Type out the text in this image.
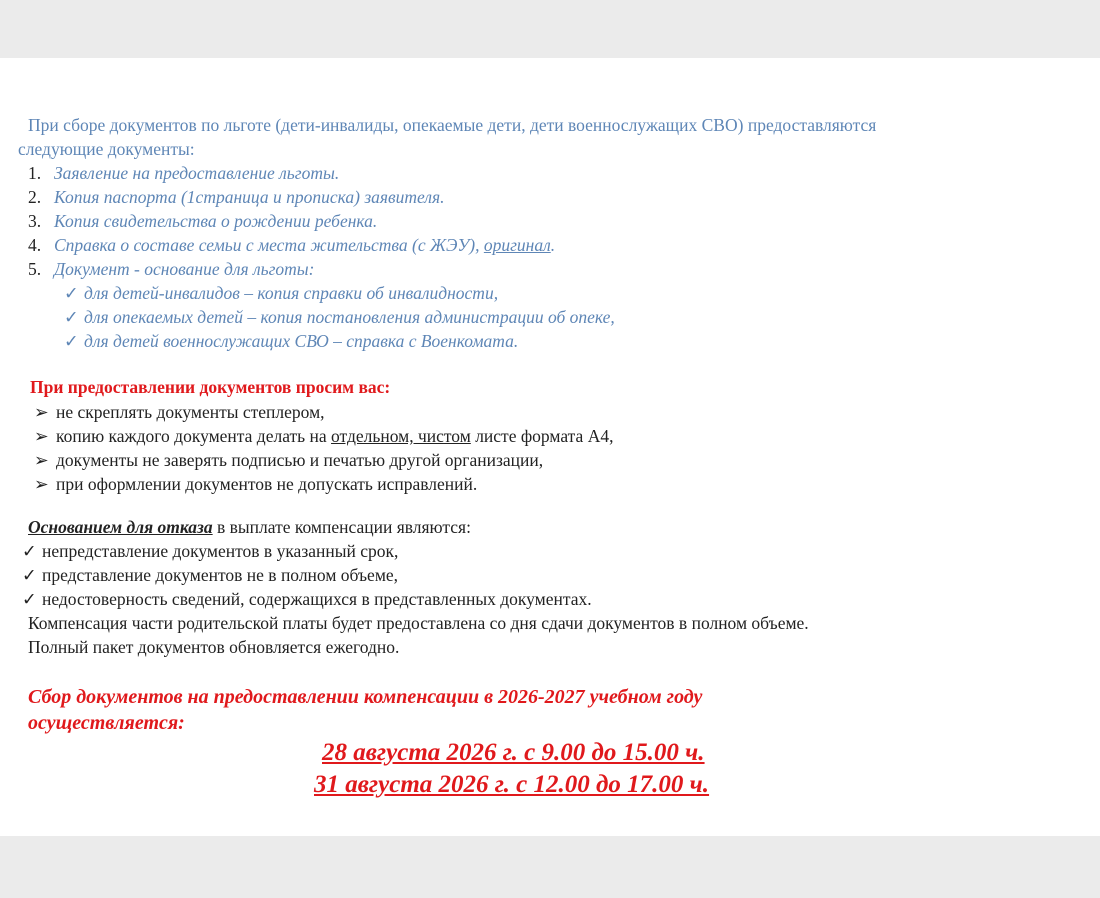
При сборе документов по льготе (дети-инвалиды, опекаемые дети, дети военнослужащих СВО) предоставляются
следующие документы:
1. Заявление на предоставление льготы.
2. Копия паспорта (1страница и прописка) заявителя.
3. Копия свидетельства о рождении ребенка.
4. Справка о составе семьи с места жительства (с ЖЭУ), оригинал.
5. Документ - основание для льготы:
✓ для детей-инвалидов – копия справки об инвалидности,
✓ для опекаемых детей – копия постановления администрации об опеке,
✓ для детей военнослужащих СВО – справка с Военкомата.
При предоставлении документов просим вас:
➢ не скреплять документы степлером,
➢ копию каждого документа делать на отдельном, чистом листе формата А4,
➢ документы не заверять подписью и печатью другой организации,
➢ при оформлении документов не допускать исправлений.
Основанием для отказа в выплате компенсации являются:
✓ непредставление документов в указанный срок,
✓ представление документов не в полном объеме,
✓ недостоверность сведений, содержащихся в представленных документах.
Компенсация части родительской платы будет предоставлена со дня сдачи документов в полном объеме.
Полный пакет документов обновляется ежегодно.
Сбор документов на предоставлении компенсации в 2026-2027 учебном году
осуществляется:
28 августа 2026 г. с 9.00 до 15.00 ч.
31 августа 2026 г. с 12.00 до 17.00 ч.
